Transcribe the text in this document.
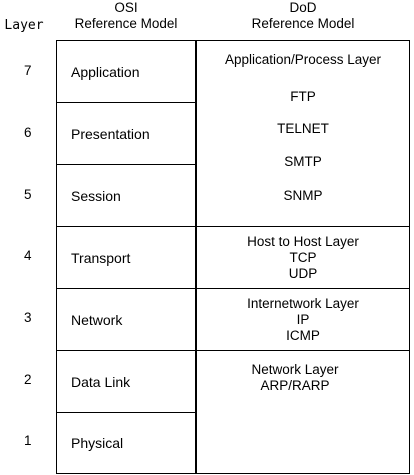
Layer
OSI
Reference Model
DoD
Reference Model
7
6
5
4
3
2
1
Application
Presentation
Session
Transport
Network
Data Link
Physical
Application/Process Layer
FTP
TELNET
SMTP
SNMP
Host to Host Layer
TCP
UDP
Internetwork Layer
IP
ICMP
Network Layer
ARP/RARP
